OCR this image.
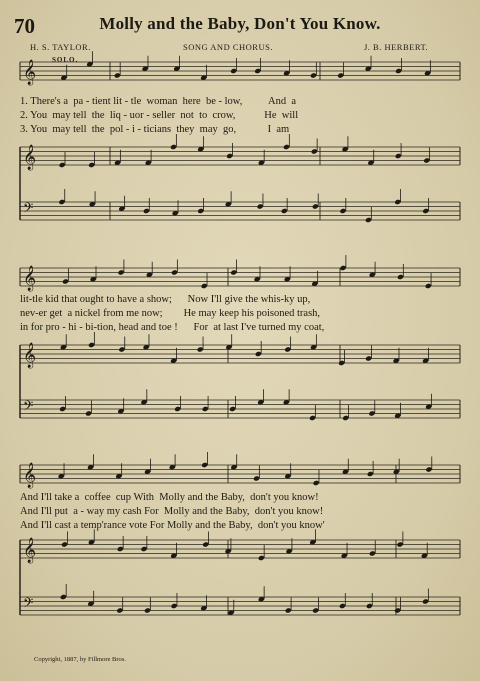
𝄞
𝄞
𝄢
𝄞
𝄞
𝄢
𝄞
𝄞
𝄢
70	Molly and the Baby, Don't You Know.
H. S. TAYLOR.	SONG AND CHORUS.	J. B. HERBERT.
SOLO.
1. There's a  pa - tient lit - tle  woman  here  be - low,          And  a
2. You  may tell  the  liq - uor - seller  not  to  crow,           He  will
3. You  may tell  the  pol - i - ticians  they  may  go,            I  am
lit-tle kid that ought to have a show;      Now I'll give the whis-ky up,
nev-er get  a nickel from me now;        He may keep his poisoned trash,
in for pro - hi - bi-tion, head and toe !      For  at last I've turned my coat,
And I'll take a  coffee  cup With  Molly and the Baby,  don't you know!
And I'll put  a - way my cash For  Molly and the Baby,  don't you know!
And I'll cast a temp'rance vote For Molly and the Baby,  don't you know'
Copyright, 1887, by Fillmore Bros.
